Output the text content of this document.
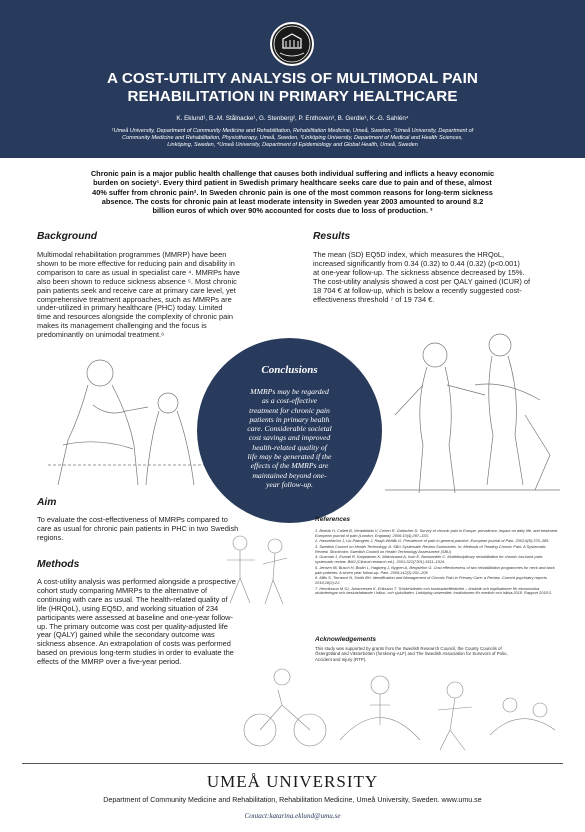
A COST-UTILITY ANALYSIS OF MULTIMODAL PAIN
REHABILITATION IN PRIMARY HEALTHCARE
K. Eklund¹, B.-M. Stålnacke¹, G. Stenberg², P. Enthoven³, B. Gerdle³, K.-G. Sahlén⁴
¹Umeå University, Department of Community Medicine and Rehabilitation, Rehabilitation Medicine, Umeå, Sweden, ²Umeå University, Department of
Community Medicine and Rehabilitation, Physiotherapy, Umeå, Sweden, ³Linköping University, Department of Medical and Health Sciences,
Linköping, Sweden, ⁴Umeå University, Department of Epidemiology and Global Health, Umeå, Sweden
Chronic pain is a major public health challenge that causes both individual suffering and inflicts a heavy economic
burden on society¹. Every third patient in Swedish primary healthcare seeks care due to pain and of these, almost
40% suffer from chronic pain². In Sweden chronic pain is one of the most common reasons for long-term sickness
absence. The costs for chronic pain at least moderate intensity in Sweden year 2003 amounted to around 8.2
billion euros of which over 90% accounted for costs due to loss of production. ³
Background
Multimodal rehabilitation programmes (MMRP) have been
shown to be more effective for reducing pain and disability in
comparison to care as usual in specialist care ⁴. MMRPs have
also been shown to reduce sickness absence ⁵. Most chronic
pain patients seek and receive care at primary care level, yet
comprehensive treatment approaches, such as MMRPs are
under-utilized in primary healthcare (PHC) today. Limited
time and resources alongside the complexity of chronic pain
makes its management challenging and the focus is
predominantly on unimodal treatment.⁶
Results
The mean (SD) EQ5D index, which measures the HRQoL,
increased significantly from 0.34 (0.32) to 0.44 (0.32) (p<0.001)
at one-year follow-up. The sickness absence decreased by 15%.
The cost-utility analysis showed a cost per QALY gained (ICUR) of
18 704 € at follow-up, which is below a recently suggested cost-
effectiveness threshold ⁷ of 19 734 €.
Conclusions

MMRPs may be regarded
as a cost-effective
treatment for chronic pain
patients in primary health
care. Considerable societal
cost savings and improved
health-related quality of
life may be generated if the
effects of the MMRPs are
maintained beyond one-
year follow-up.

Aim
To evaluate the cost-effectiveness of MMRPs compared to
care as usual for chronic pain patients in PHC in two Swedish
regions.
Methods
A cost-utility analysis was performed alongside a prospective
cohort study comparing MMRPs to the alternative of
continuing with care as usual. The health-related quality of
life (HRQoL), using EQ5D, and working situation of 234
participants were assessed at baseline and one-year follow-
up. The primary outcome was cost per quality-adjusted life
year (QALY) gained while the secondary outcome was
sickness absence. An extrapolation of costs was performed
based on previous long-term studies in order to evaluate the
effects of the MMRP over a five-year period.
References
1. Breivik H, Collett B, Ventafridda V, Cohen R, Gallacher D. Survey of chronic pain in Europe: prevalence, impact on daily life, and treatment. European journal of pain (London, England). 2006;10(4):287–333.
2. Hasselström J, Liu-Palmgren J, Rasjö-Wrååk G. Prevalence of pain in general practice. European journal of Pain. 2002;6(5):375–385.
3. Swedish Council on Health Technology. A: SBU Systematic Review Summaries. In: Methods of Treating Chronic Pain: A Systematic Review. Stockholm: Swedish Council on Health Technology Assessment (SBU)
4. Guzman J, Esmail R, Karjalainen K, Malmivaara A, Irvin E, Bombardier C. Multidisciplinary rehabilitation for chronic low back pain: systematic review. BMJ (Clinical research ed.). 2001;322(7301):1511–1516.
5. Jensen IB, Busch H, Bodin L, Hagberg J, Nygren A, Bergström G. Cost effectiveness of two rehabilitation programmes for neck and back pain patients: A seven year follow-up. Pain. 2009;142(3):202–208
6. Mills S, Torrance N, Smith BH. Identification and Management of Chronic Pain in Primary Care: a Review. Current psychiatry reports. 2016;18(2):22.
7. Henriksson M SJ, Johannesen K, Eriksson T. Tröskelvärden och kostnadseffektivitet – önskbilt och implikationer för ekonomiska utvärderingar och beslutsfattande i hälso- och sjukvården. Linköping universitet: Institutionen för medicin och hälsa;2018. Rapport 2018:3.
Acknowledgements
This study was supported by grants from the Swedish Research Council, the County Councils of
Östergötland and Västerbotten (forskning-ALF) and The Swedish Association for Survivors of Polio,
Accident and Injury (RTP).
UMEÅ UNIVERSITY
Department of Community Medicine and Rehabilitation, Rehabilitation Medicine, Umeå University, Sweden. www.umu.se
Contact:katarina.eklund@umu.se
